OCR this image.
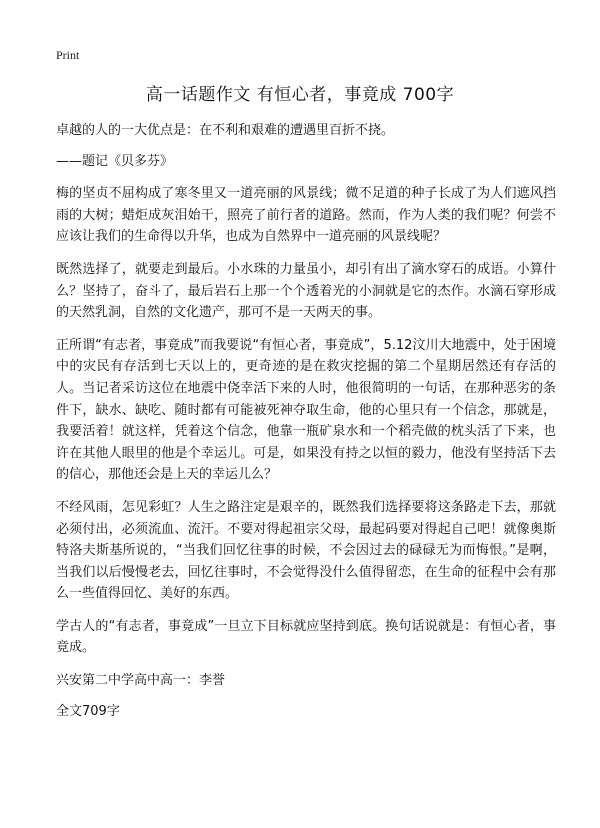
Print
高一话题作文 有恒心者，事竟成 700字

卓越的人的一大优点是：在不利和艰难的遭遇里百折不挠。

——题记《贝多芬》

梅的坚贞不屈构成了寒冬里又一道亮丽的风景线；微不足道的种子长成了为人们遮风挡雨的大树；蜡炬成灰泪始干，照亮了前行者的道路。然而，作为人类的我们呢？何尝不应该让我们的生命得以升华，也成为自然界中一道亮丽的风景线呢？

既然选择了，就要走到最后。小水珠的力量虽小，却引有出了滴水穿石的成语。小算什么？坚持了，奋斗了，最后岩石上那一个个透着光的小洞就是它的杰作。水滴石穿形成的天然乳洞，自然的文化遗产，那可不是一天两天的事。

正所谓“有志者，事竟成”而我要说“有恒心者，事竟成”，5.12汶川大地震中，处于困境中的灾民有存活到七天以上的，更奇迹的是在救灾挖掘的第二个星期居然还有存活的人。当记者采访这位在地震中侥幸活下来的人时，他很简明的一句话，在那种恶劣的条件下，缺水、缺吃、随时都有可能被死神夺取生命，他的心里只有一个信念，那就是，我要活着！就这样，凭着这个信念，他靠一瓶矿泉水和一个稻壳做的枕头活了下来，也许在其他人眼里的他是个幸运儿。可是，如果没有持之以恒的毅力，他没有坚持活下去的信心，那他还会是上天的幸运儿么？

不经风雨，怎见彩虹？人生之路注定是艰辛的，既然我们选择要将这条路走下去，那就必须付出，必须流血、流汗。不要对得起祖宗父母，最起码要对得起自己吧！就像奥斯特洛夫斯基所说的，“当我们回忆往事的时候，不会因过去的碌碌无为而悔恨。”是啊，当我们以后慢慢老去，回忆往事时，不会觉得没什么值得留恋，在生命的征程中会有那么一些值得回忆、美好的东西。

学古人的“有志者，事竟成”一旦立下目标就应坚持到底。换句话说就是：有恒心者，事竟成。

兴安第二中学高中高一：李誉

全文709字
